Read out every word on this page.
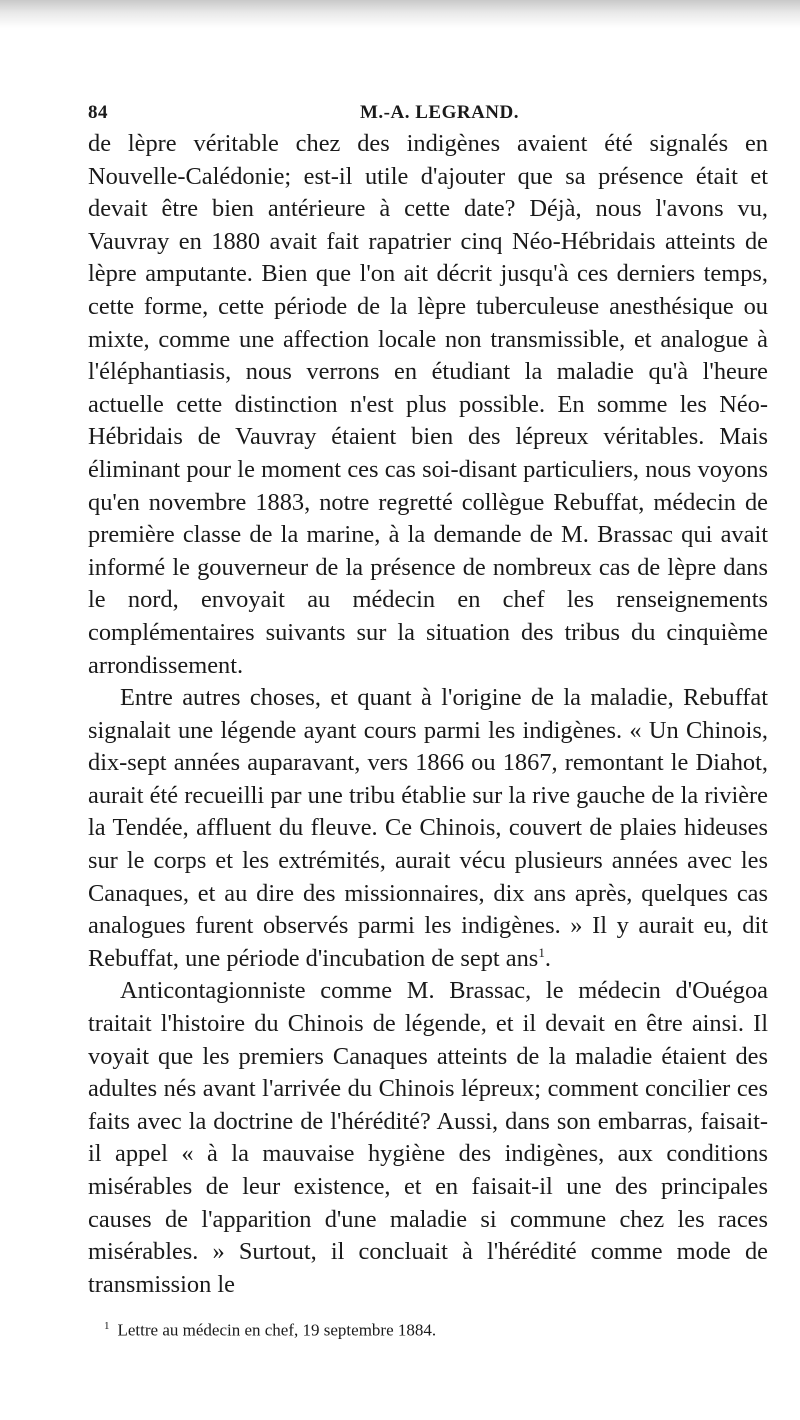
84	M.-A. LEGRAND.

de lèpre véritable chez des indigènes avaient été signalés en Nouvelle-Calédonie; est-il utile d'ajouter que sa présence était et devait être bien antérieure à cette date? Déjà, nous l'avons vu, Vauvray en 1880 avait fait rapatrier cinq Néo-Hébridais atteints de lèpre amputante. Bien que l'on ait décrit jusqu'à ces derniers temps, cette forme, cette période de la lèpre tuberculeuse anesthésique ou mixte, comme une affection locale non transmissible, et analogue à l'éléphantiasis, nous verrons en étudiant la maladie qu'à l'heure actuelle cette distinction n'est plus possible. En somme les Néo-Hébridais de Vauvray étaient bien des lépreux véritables. Mais éliminant pour le moment ces cas soi-disant particuliers, nous voyons qu'en novembre 1883, notre regretté collègue Rebuffat, médecin de première classe de la marine, à la demande de M. Brassac qui avait informé le gouverneur de la présence de nombreux cas de lèpre dans le nord, envoyait au médecin en chef les renseignements complémentaires suivants sur la situation des tribus du cinquième arrondissement.

Entre autres choses, et quant à l'origine de la maladie, Rebuffat signalait une légende ayant cours parmi les indigènes. « Un Chinois, dix-sept années auparavant, vers 1866 ou 1867, remontant le Diahot, aurait été recueilli par une tribu établie sur la rive gauche de la rivière la Tendée, affluent du fleuve. Ce Chinois, couvert de plaies hideuses sur le corps et les extrémités, aurait vécu plusieurs années avec les Canaques, et au dire des missionnaires, dix ans après, quelques cas analogues furent observés parmi les indigènes. » Il y aurait eu, dit Rebuffat, une période d'incubation de sept ans$^1$.

Anticontagionniste comme M. Brassac, le médecin d'Ouégoa traitait l'histoire du Chinois de légende, et il devait en être ainsi. Il voyait que les premiers Canaques atteints de la maladie étaient des adultes nés avant l'arrivée du Chinois lépreux; comment concilier ces faits avec la doctrine de l'hérédité? Aussi, dans son embarras, faisait-il appel « à la mauvaise hygiène des indigènes, aux conditions misérables de leur existence, et en faisait-il une des principales causes de l'apparition d'une maladie si commune chez les races misérables. » Surtout, il concluait à l'hérédité comme mode de transmission le

$^1$ Lettre au médecin en chef, 19 septembre 1884.
